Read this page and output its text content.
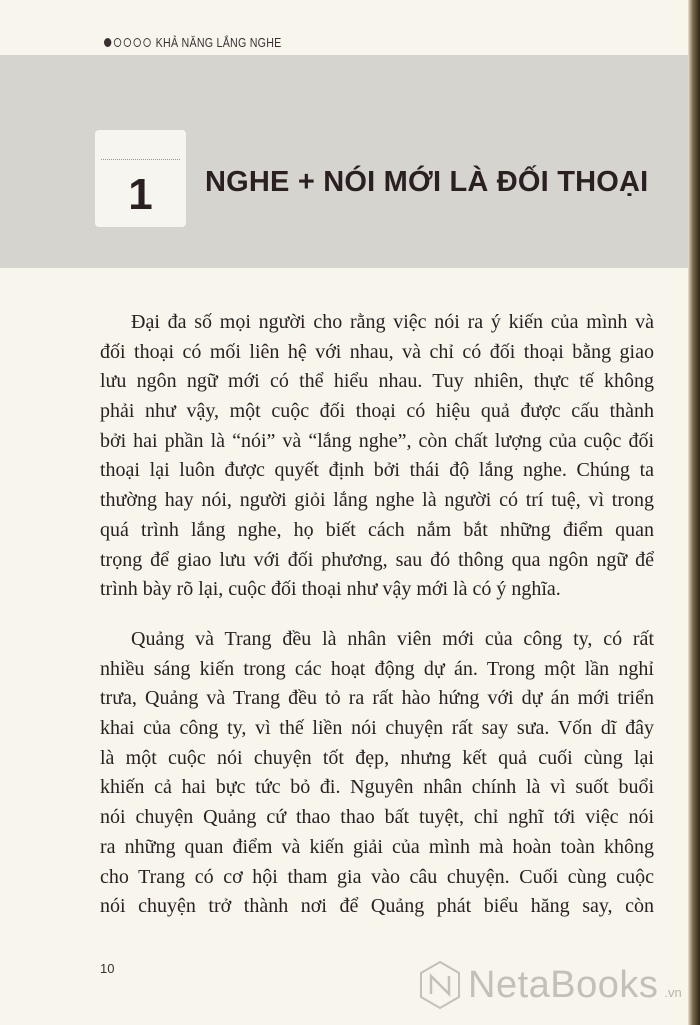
KHẢ NĂNG LẮNG NGHE
1	NGHE + NÓI MỚI LÀ ĐỐI THOẠI
Đại đa số mọi người cho rằng việc nói ra ý kiến của mình và
đối thoại có mối liên hệ với nhau, và chỉ có đối thoại bằng giao
lưu ngôn ngữ mới có thể hiểu nhau. Tuy nhiên, thực tế không
phải như vậy, một cuộc đối thoại có hiệu quả được cấu thành
bởi hai phần là “nói” và “lắng nghe”, còn chất lượng của cuộc đối
thoại lại luôn được quyết định bởi thái độ lắng nghe. Chúng ta
thường hay nói, người giỏi lắng nghe là người có trí tuệ, vì trong
quá trình lắng nghe, họ biết cách nắm bắt những điểm quan
trọng để giao lưu với đối phương, sau đó thông qua ngôn ngữ để
trình bày rõ lại, cuộc đối thoại như vậy mới là có ý nghĩa.
Quảng và Trang đều là nhân viên mới của công ty, có rất
nhiều sáng kiến trong các hoạt động dự án. Trong một lần nghỉ
trưa, Quảng và Trang đều tỏ ra rất hào hứng với dự án mới triển
khai của công ty, vì thế liền nói chuyện rất say sưa. Vốn dĩ đây
là một cuộc nói chuyện tốt đẹp, nhưng kết quả cuối cùng lại
khiến cả hai bực tức bỏ đi. Nguyên nhân chính là vì suốt buổi
nói chuyện Quảng cứ thao thao bất tuyệt, chỉ nghĩ tới việc nói
ra những quan điểm và kiến giải của mình mà hoàn toàn không
cho Trang có cơ hội tham gia vào câu chuyện. Cuối cùng cuộc
nói chuyện trở thành nơi để Quảng phát biểu hăng say, còn
10	NetaBooks .vn
